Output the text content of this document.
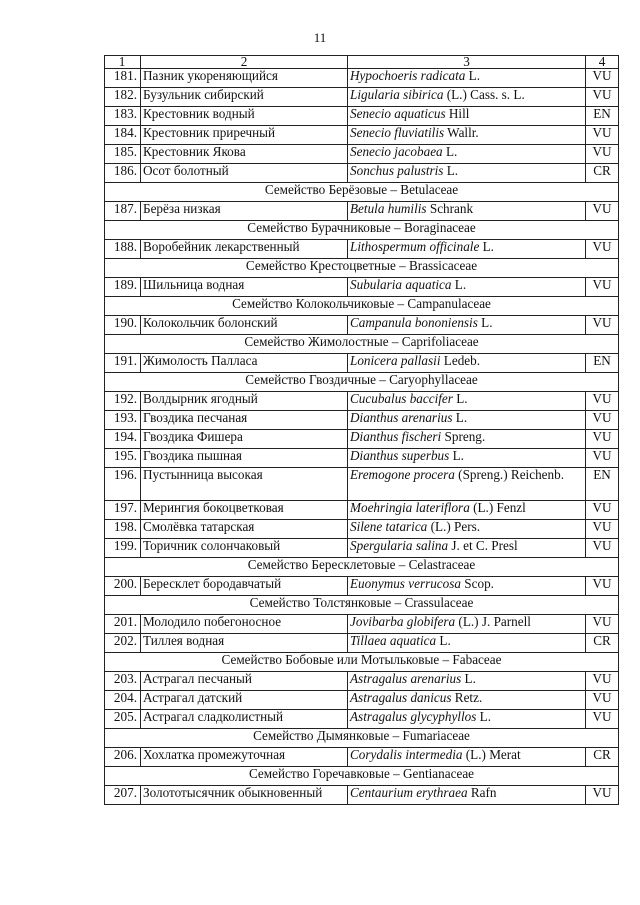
11
1	2	3	4
181.	Пазник укореняющийся	Hypochoeris radicata L.	VU
182.	Бузульник сибирский	Ligularia sibirica (L.) Cass. s. L.	VU
183.	Крестовник водный	Senecio aquaticus Hill	EN
184.	Крестовник приречный	Senecio fluviatilis Wallr.	VU
185.	Крестовник Якова	Senecio jacobaea L.	VU
186.	Осот болотный	Sonchus palustris L.	CR
Семейство Берёзовые – Betulaceae			
187.	Берёза низкая	Betula humilis Schrank	VU
Семейство Бурачниковые – Boraginaceae			
188.	Воробейник лекарственный	Lithospermum officinale L.	VU
Семейство Крестоцветные – Brassicaceae			
189.	Шильница водная	Subularia aquatica L.	VU
Семейство Колокольчиковые – Campanulaceae			
190.	Колокольчик болонский	Campanula bononiensis L.	VU
Семейство Жимолостные – Caprifoliaceae			
191.	Жимолость Палласа	Lonicera pallasii Ledeb.	EN
Семейство Гвоздичные – Caryophyllaceae			
192.	Волдырник ягодный	Cucubalus baccifer L.	VU
193.	Гвоздика песчаная	Dianthus arenarius L.	VU
194.	Гвоздика Фишера	Dianthus fischeri Spreng.	VU
195.	Гвоздика пышная	Dianthus superbus L.	VU
196.	Пустынница высокая	Eremogone procera (Spreng.) Reichenb.	EN
197.	Мерингия бокоцветковая	Moehringia lateriflora (L.) Fenzl	VU
198.	Смолёвка татарская	Silene tatarica (L.) Pers.	VU
199.	Торичник солончаковый	Spergularia salina J. et C. Presl	VU
Семейство Бересклетовые – Celastraceae			
200.	Бересклет бородавчатый	Euonymus verrucosa Scop.	VU
Семейство Толстянковые – Crassulaceae			
201.	Молодило побегоносное	Jovibarba globifera (L.) J. Parnell	VU
202.	Тиллея водная	Tillaea aquatica L.	CR
Семейство Бобовые или Мотыльковые – Fabaceae			
203.	Астрагал песчаный	Astragalus arenarius L.	VU
204.	Астрагал датский	Astragalus danicus Retz.	VU
205.	Астрагал сладколистный	Astragalus glycyphyllos L.	VU
Семейство Дымянковые – Fumariaceae			
206.	Хохлатка промежуточная	Corydalis intermedia (L.) Merat	CR
Семейство Горечавковые – Gentianaceae			
207.	Золототысячник обыкновенный	Centaurium erythraea Rafn	VU
